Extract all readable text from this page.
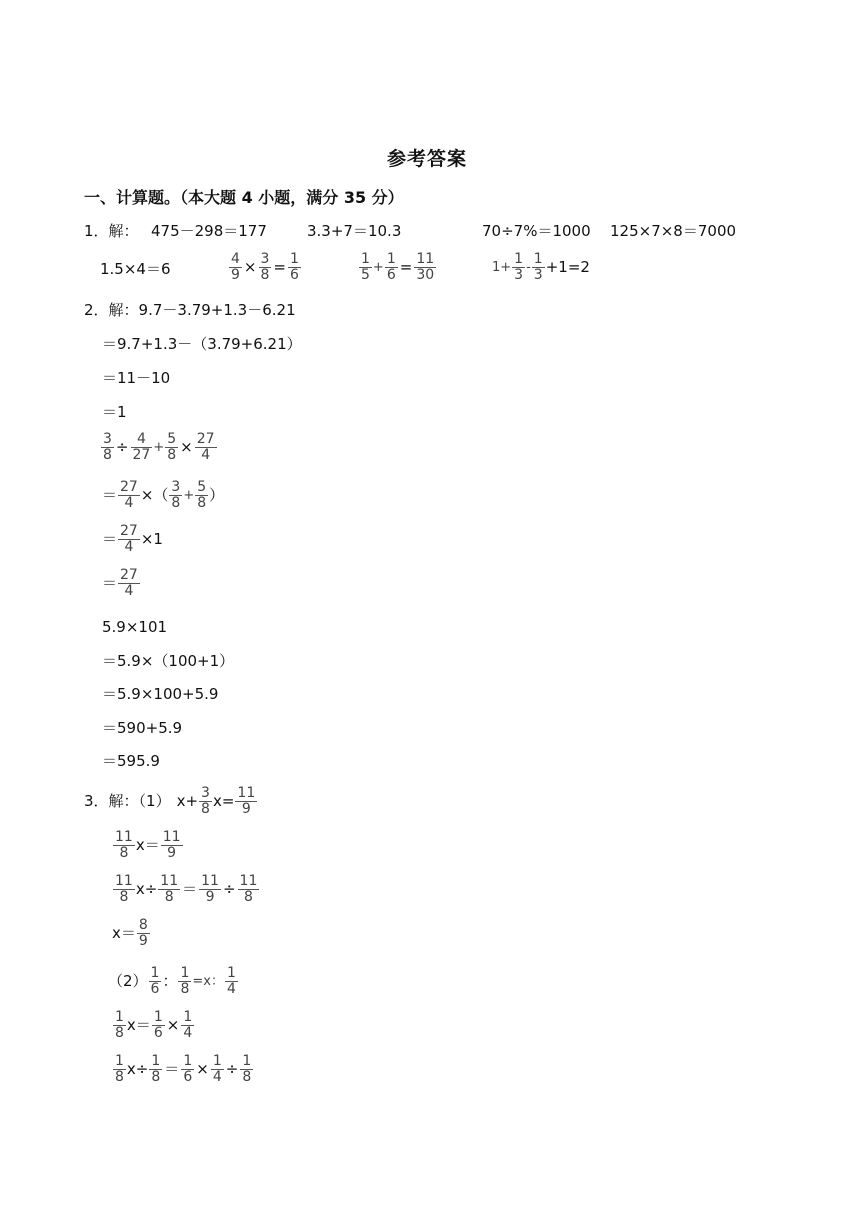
参考答案
一、计算题。（本大题 4 小题，满分 35 分）
1．解： 475－298＝177	3.3+7＝10.3	70÷7%＝1000 125×7×8＝7000
1.5×4＝6	$\frac{4}{9} \times \frac{3}{8} = \frac{1}{6}$	$\frac{1}{5} + \frac{1}{6} = \frac{11}{30}$	$1+ \frac{1}{3} - \frac{1}{3} +1=2$
2．解：9.7－3.79+1.3－6.21
＝9.7+1.3－（3.79+6.21）
＝11－10
＝1
$\frac{3}{8} \div \frac{4}{27} + \frac{5}{8} \times \frac{27}{4}$
＝ $\frac{27}{4}$ ×（ $\frac{3}{8} + \frac{5}{8}$ ）
＝ $\frac{27}{4} \times 1$
＝ $\frac{27}{4}$
5.9×101
＝5.9×（100+1）
＝5.9×100+5.9
＝590+5.9
＝595.9
3．解：（1） $x+ \frac{3}{8} x= \frac{11}{9}$
$\frac{11}{8} x= \frac{11}{9}$
$\frac{11}{8} x\div \frac{11}{8} = \frac{11}{9} \div \frac{11}{8}$
$x= \frac{8}{9}$
$(2) \frac{1}{6}$ ： $\frac{1}{8} =x$： $\frac{1}{4}$
$\frac{1}{8} x= \frac{1}{6} \times \frac{1}{4}$
$\frac{1}{8} x\div \frac{1}{8} = \frac{1}{6} \times \frac{1}{4} \div \frac{1}{8}$
